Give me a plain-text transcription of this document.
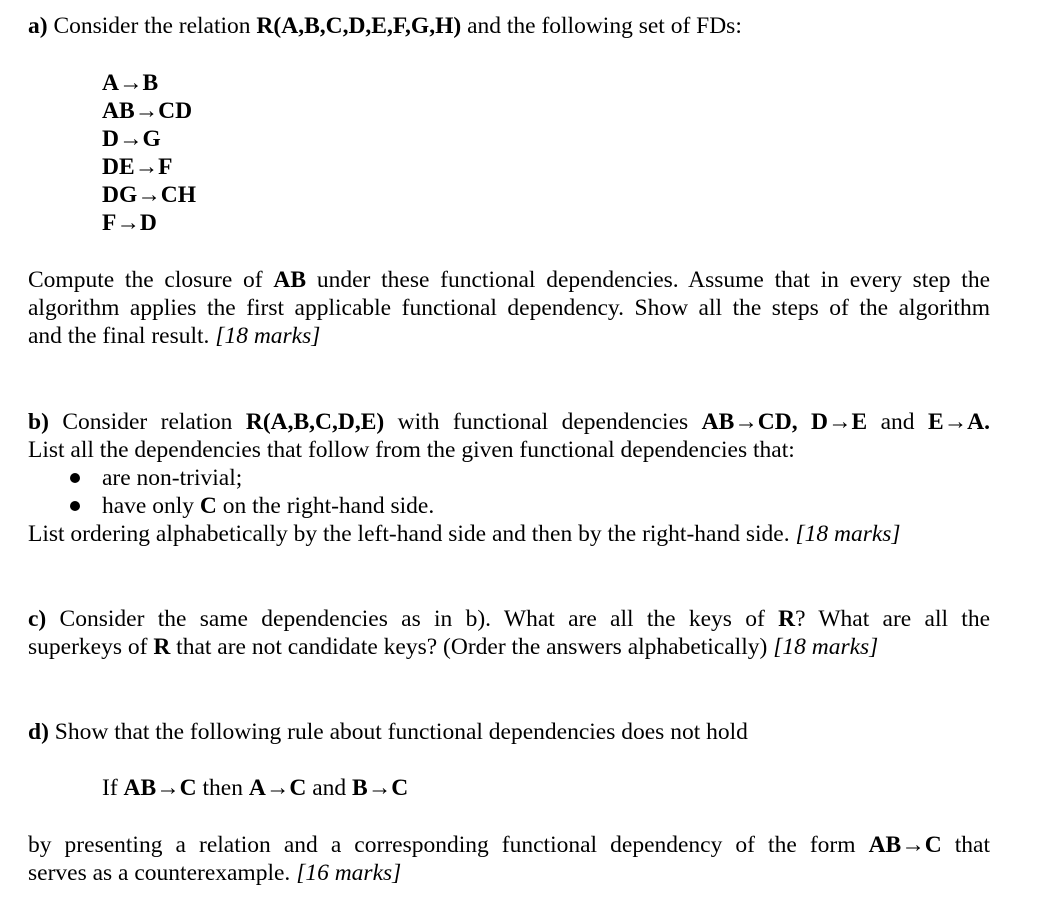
a) Consider the relation R(A,B,C,D,E,F,G,H) and the following set of FDs:

A→B
AB→CD
D→G
DE→F
DG→CH
F→D

Compute the closure of AB under these functional dependencies. Assume that in every step the

algorithm applies the first applicable functional dependency. Show all the steps of the algorithm

and the final result. [18 marks]

b) Consider relation R(A,B,C,D,E) with functional dependencies AB→CD, D→E and E→A.

List all the dependencies that follow from the given functional dependencies that:

are non-trivial;
have only C on the right-hand side.

List ordering alphabetically by the left-hand side and then by the right-hand side. [18 marks]

c) Consider the same dependencies as in b). What are all the keys of R? What are all the

superkeys of R that are not candidate keys? (Order the answers alphabetically) [18 marks]

d) Show that the following rule about functional dependencies does not hold

If AB→C then A→C and B→C

by presenting a relation and a corresponding functional dependency of the form AB→C that

serves as a counterexample. [16 marks]
